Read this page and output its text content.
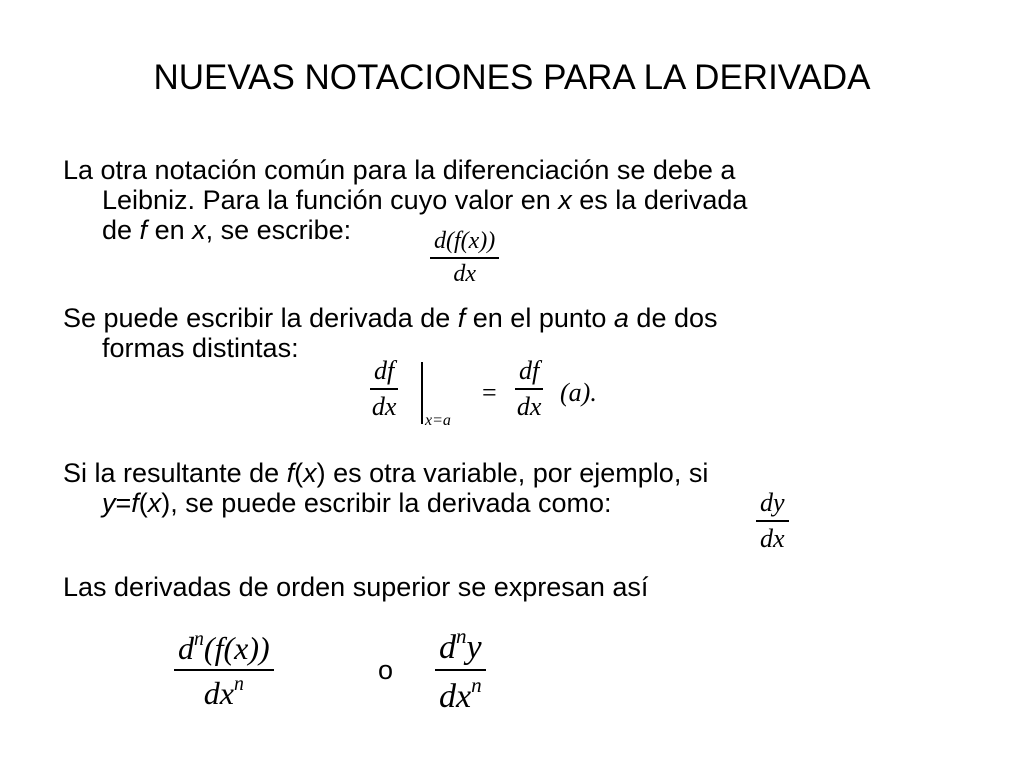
NUEVAS NOTACIONES PARA LA DERIVADA
La otra notación común para la diferenciación se debe a
Leibniz. Para la función cuyo valor en x es la derivada
de f en x, se escribe:	d(f(x))
dx
Se puede escribir la derivada de f en el punto a de dos
formas distintas:
df
dx x=a
=
df
dx (a).
Si la resultante de f(x) es otra variable, por ejemplo, si
y=f(x), se puede escribir la derivada como:	dy
dx
Las derivadas de orden superior se expresan así
$d^n(f(x))$
$dx^n$	o
$d^ny$
$dx^n$
